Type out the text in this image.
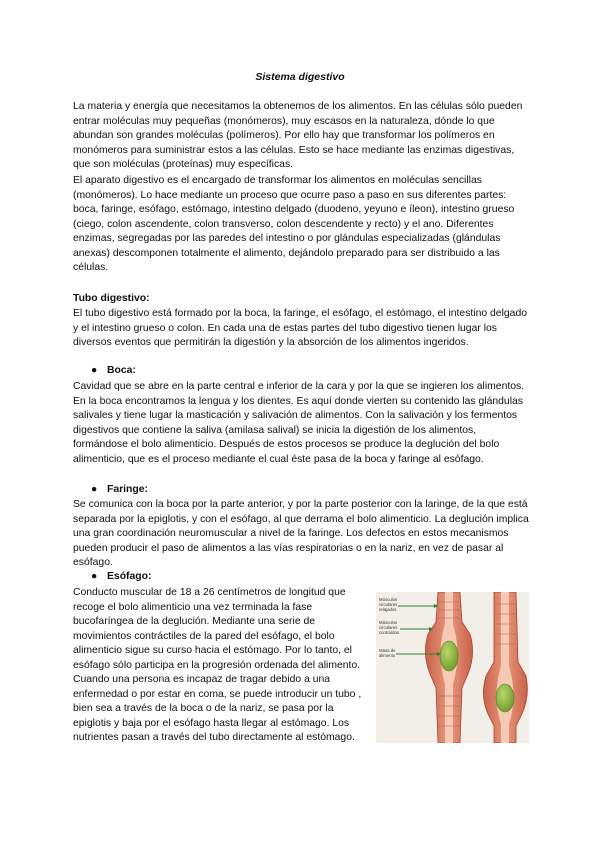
Sistema digestivo

La materia y energía que necesitamos la obtenemos de los alimentos. En las células sólo pueden entrar moléculas muy pequeñas (monómeros), muy escasos en la naturaleza, dónde lo que abundan son grandes moléculas (polímeros). Por ello hay que transformar los polímeros en monómeros para suministrar estos a las células. Esto se hace mediante las enzimas digestivas, que son moléculas (proteínas) muy específicas.

El aparato digestivo es el encargado de transformar los alimentos en moléculas sencillas (monómeros). Lo hace mediante un proceso que ocurre paso a paso en sus diferentes partes: boca, faringe, esófago, estómago, intestino delgado (duodeno, yeyuno e íleon), intestino grueso (ciego, colon ascendente, colon transverso, colon descendente y recto) y el ano. Diferentes enzimas, segregadas por las paredes del intestino o por glándulas especializadas (glándulas anexas) descomponen totalmente el alimento, dejándolo preparado para ser distribuido a las células.

Tubo digestivo:

El tubo digestivo está formado por la boca, la faringe, el esófago, el estómago, el intestino delgado y el intestino grueso o colon. En cada una de estas partes del tubo digestivo tienen lugar los diversos eventos que permitirán la digestión y la absorción de los alimentos ingeridos.

● Boca:

Cavidad que se abre en la parte central e inferior de la cara y por la que se ingieren los alimentos. En la boca encontramos la lengua y los dientes. Es aquí donde vierten su contenido las glándulas salivales y tiene lugar la masticación y salivación de alimentos. Con la salivación y los fermentos digestivos que contiene la saliva (amilasa salival) se inicia la digestión de los alimentos, formándose el bolo alimenticio. Después de estos procesos se produce la deglución del bolo alimenticio, que es el proceso mediante el cual éste pasa de la boca y faringe al esófago.

● Faringe:

Se comunica con la boca por la parte anterior, y por la parte posterior con la laringe, de la que está separada por la epiglotis, y con el esófago, al que derrama el bolo alimenticio. La deglución implica una gran coordinación neuromuscular a nivel de la faringe. Los defectos en estos mecanismos pueden producir el paso de alimentos a las vías respiratorias o en la nariz, en vez de pasar al esófago.

● Esófago:

Conducto muscular de 18 a 26 centímetros de longitud que recoge el bolo alimenticio una vez terminada la fase bucofaríngea de la deglución. Mediante una serie de movimientos contráctiles de la pared del esófago, el bolo alimenticio sigue su curso hacia el estómago. Por lo tanto, el esófago sólo participa en la progresión ordenada del alimento. Cuando una persona es incapaz de tragar debido a una enfermedad o por estar en coma, se puede introducir un tubo , bien sea a través de la boca o de la nariz, se pasa por la epiglotis y baja por el esófago hasta llegar al estómago. Los nutrientes pasan a través del tubo directamente al estómago.

Músculos
circulares
relajados
Músculos
circulares
contraídos
Masa de
alimento
